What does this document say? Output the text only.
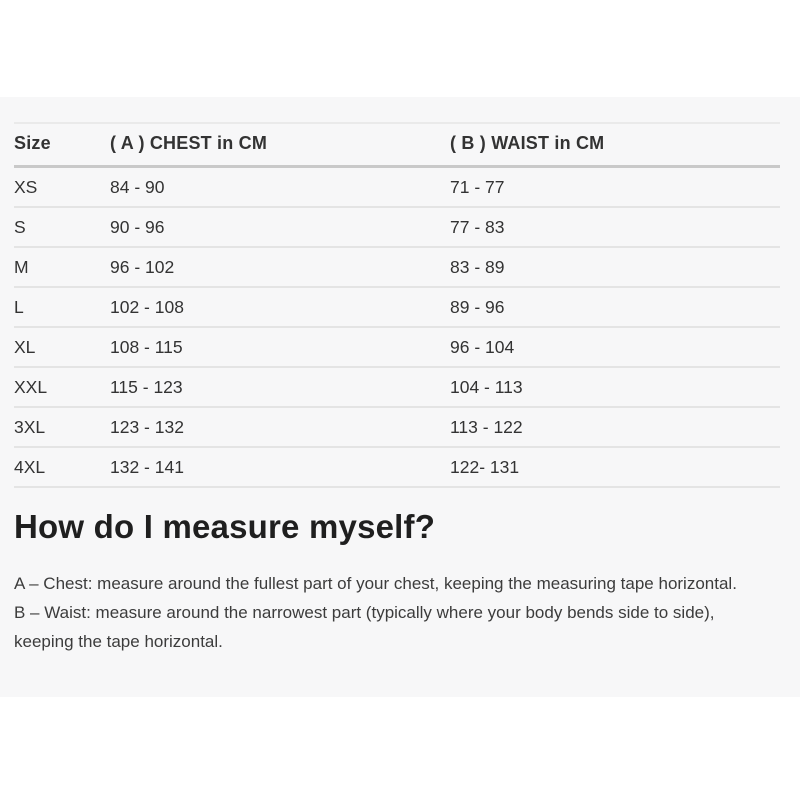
Size	( A ) CHEST in CM	( B ) WAIST in CM
XS	84 - 90	71 - 77
S	90 - 96	77 - 83
M	96 - 102	83 - 89
L	102 - 108	89 - 96
XL	108 - 115	96 - 104
XXL	115 - 123	104 - 113
3XL	123 - 132	113 - 122
4XL	132 - 141	122- 131
How do I measure myself?

A – Chest: measure around the fullest part of your chest, keeping the measuring tape horizontal.

B – Waist: measure around the narrowest part (typically where your body bends side to side), keeping the tape horizontal.
